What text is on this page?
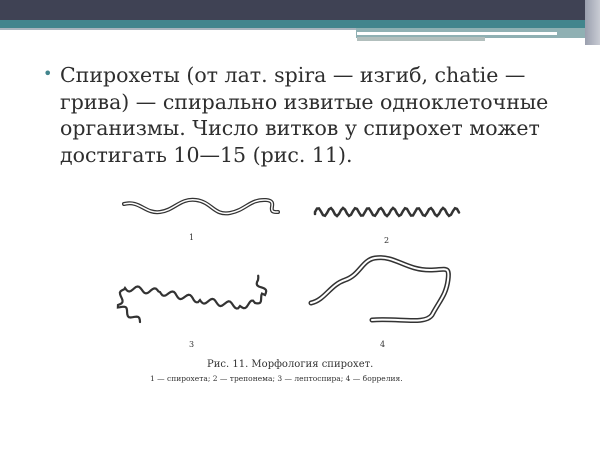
• Спирохеты (от лат. spira — изгиб, chatie —
грива) — спирально извитые одноклеточные
организмы. Число витков у спирохет может
достигать 10—15 (рис. 11).
1	2
3	4
Рис. 11. Морфология спирохет.
1 — спирохета; 2 — трепонема; 3 — лептоспира; 4 — боррелия.
